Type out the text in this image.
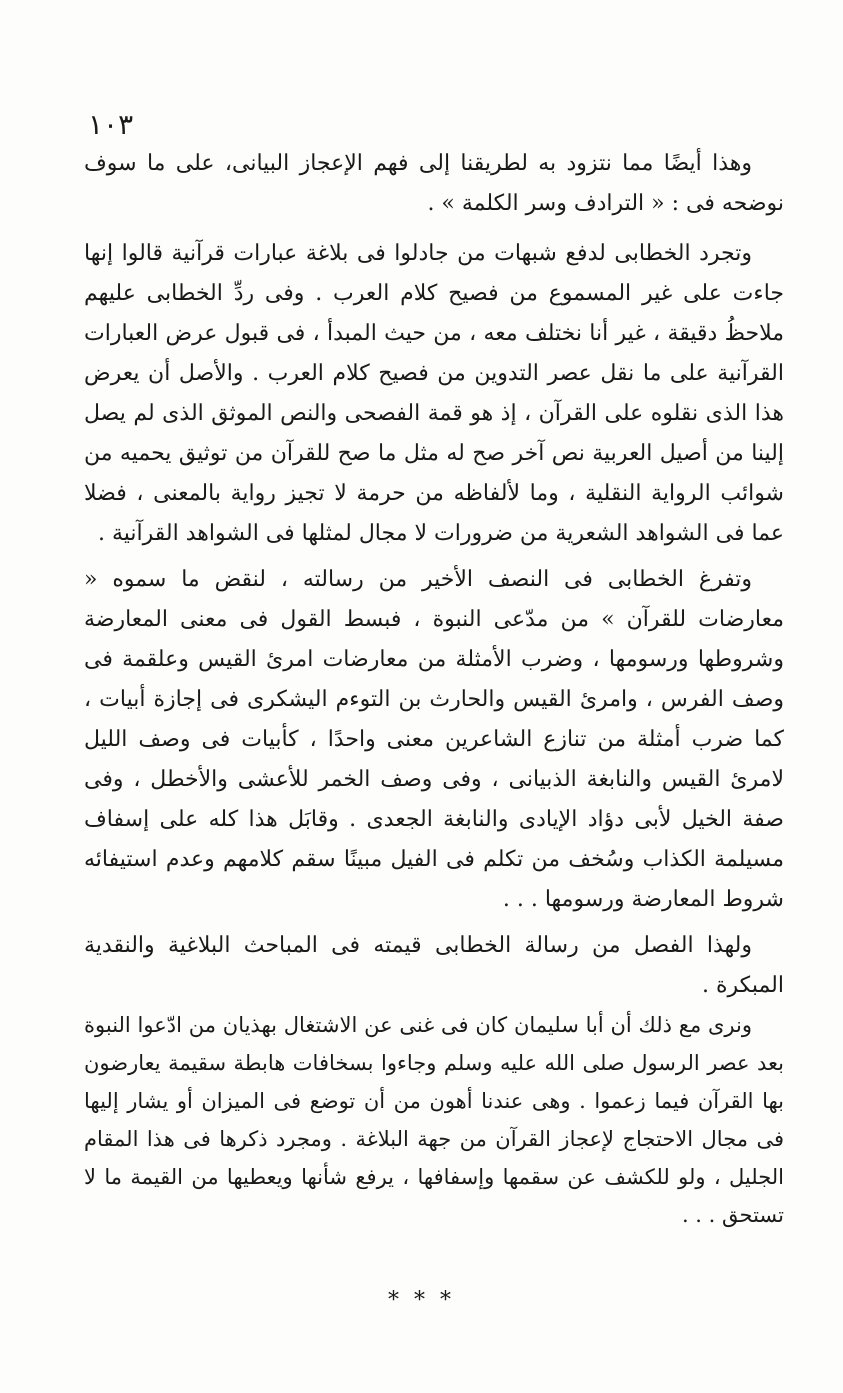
١٠٣

وهذا أيضًا مما نتزود به لطريقنا إلى فهم الإعجاز البيانى، على ما سوف نوضحه فى : « الترادف وسر الكلمة » .

وتجرد الخطابى لدفع شبهات من جادلوا فى بلاغة عبارات قرآنية قالوا إنها جاءت على غير المسموع من فصيح كلام العرب . وفى ردِّ الخطابى عليهم ملاحظُ دقيقة ، غير أنا نختلف معه ، من حيث المبدأ ، فى قبول عرض العبارات القرآنية على ما نقل عصر التدوين من فصيح كلام العرب . والأصل أن يعرض هذا الذى نقلوه على القرآن ، إذ هو قمة الفصحى والنص الموثق الذى لم يصل إلينا من أصيل العربية نص آخر صح له مثل ما صح للقرآن من توثيق يحميه من شوائب الرواية النقلية ، وما لألفاظه من حرمة لا تجيز رواية بالمعنى ، فضلا عما فى الشواهد الشعرية من ضرورات لا مجال لمثلها فى الشواهد القرآنية .

وتفرغ الخطابى فى النصف الأخير من رسالته ، لنقض ما سموه « معارضات للقرآن » من مدّعى النبوة ، فبسط القول فى معنى المعارضة وشروطها ورسومها ، وضرب الأمثلة من معارضات امرئ القيس وعلقمة فى وصف الفرس ، وامرئ القيس والحارث بن التوءم اليشكرى فى إجازة أبيات ، كما ضرب أمثلة من تنازع الشاعرين معنى واحدًا ، كأبيات فى وصف الليل لامرئ القيس والنابغة الذبيانى ، وفى وصف الخمر للأعشى والأخطل ، وفى صفة الخيل لأبى دؤاد الإيادى والنابغة الجعدى . وقابَل هذا كله على إسفاف مسيلمة الكذاب وسُخف من تكلم فى الفيل مبينًا سقم كلامهم وعدم استيفائه شروط المعارضة ورسومها . . .

ولهذا الفصل من رسالة الخطابى قيمته فى المباحث البلاغية والنقدية المبكرة .

ونرى مع ذلك أن أبا سليمان كان فى غنى عن الاشتغال بهذيان من ادّعوا النبوة بعد عصر الرسول صلى الله عليه وسلم وجاءوا بسخافات هابطة سقيمة يعارضون بها القرآن فيما زعموا . وهى عندنا أهون من أن توضع فى الميزان أو يشار إليها فى مجال الاحتجاج لإعجاز القرآن من جهة البلاغة . ومجرد ذكرها فى هذا المقام الجليل ، ولو للكشف عن سقمها وإسفافها ، يرفع شأنها ويعطيها من القيمة ما لا تستحق . . .

* * *
